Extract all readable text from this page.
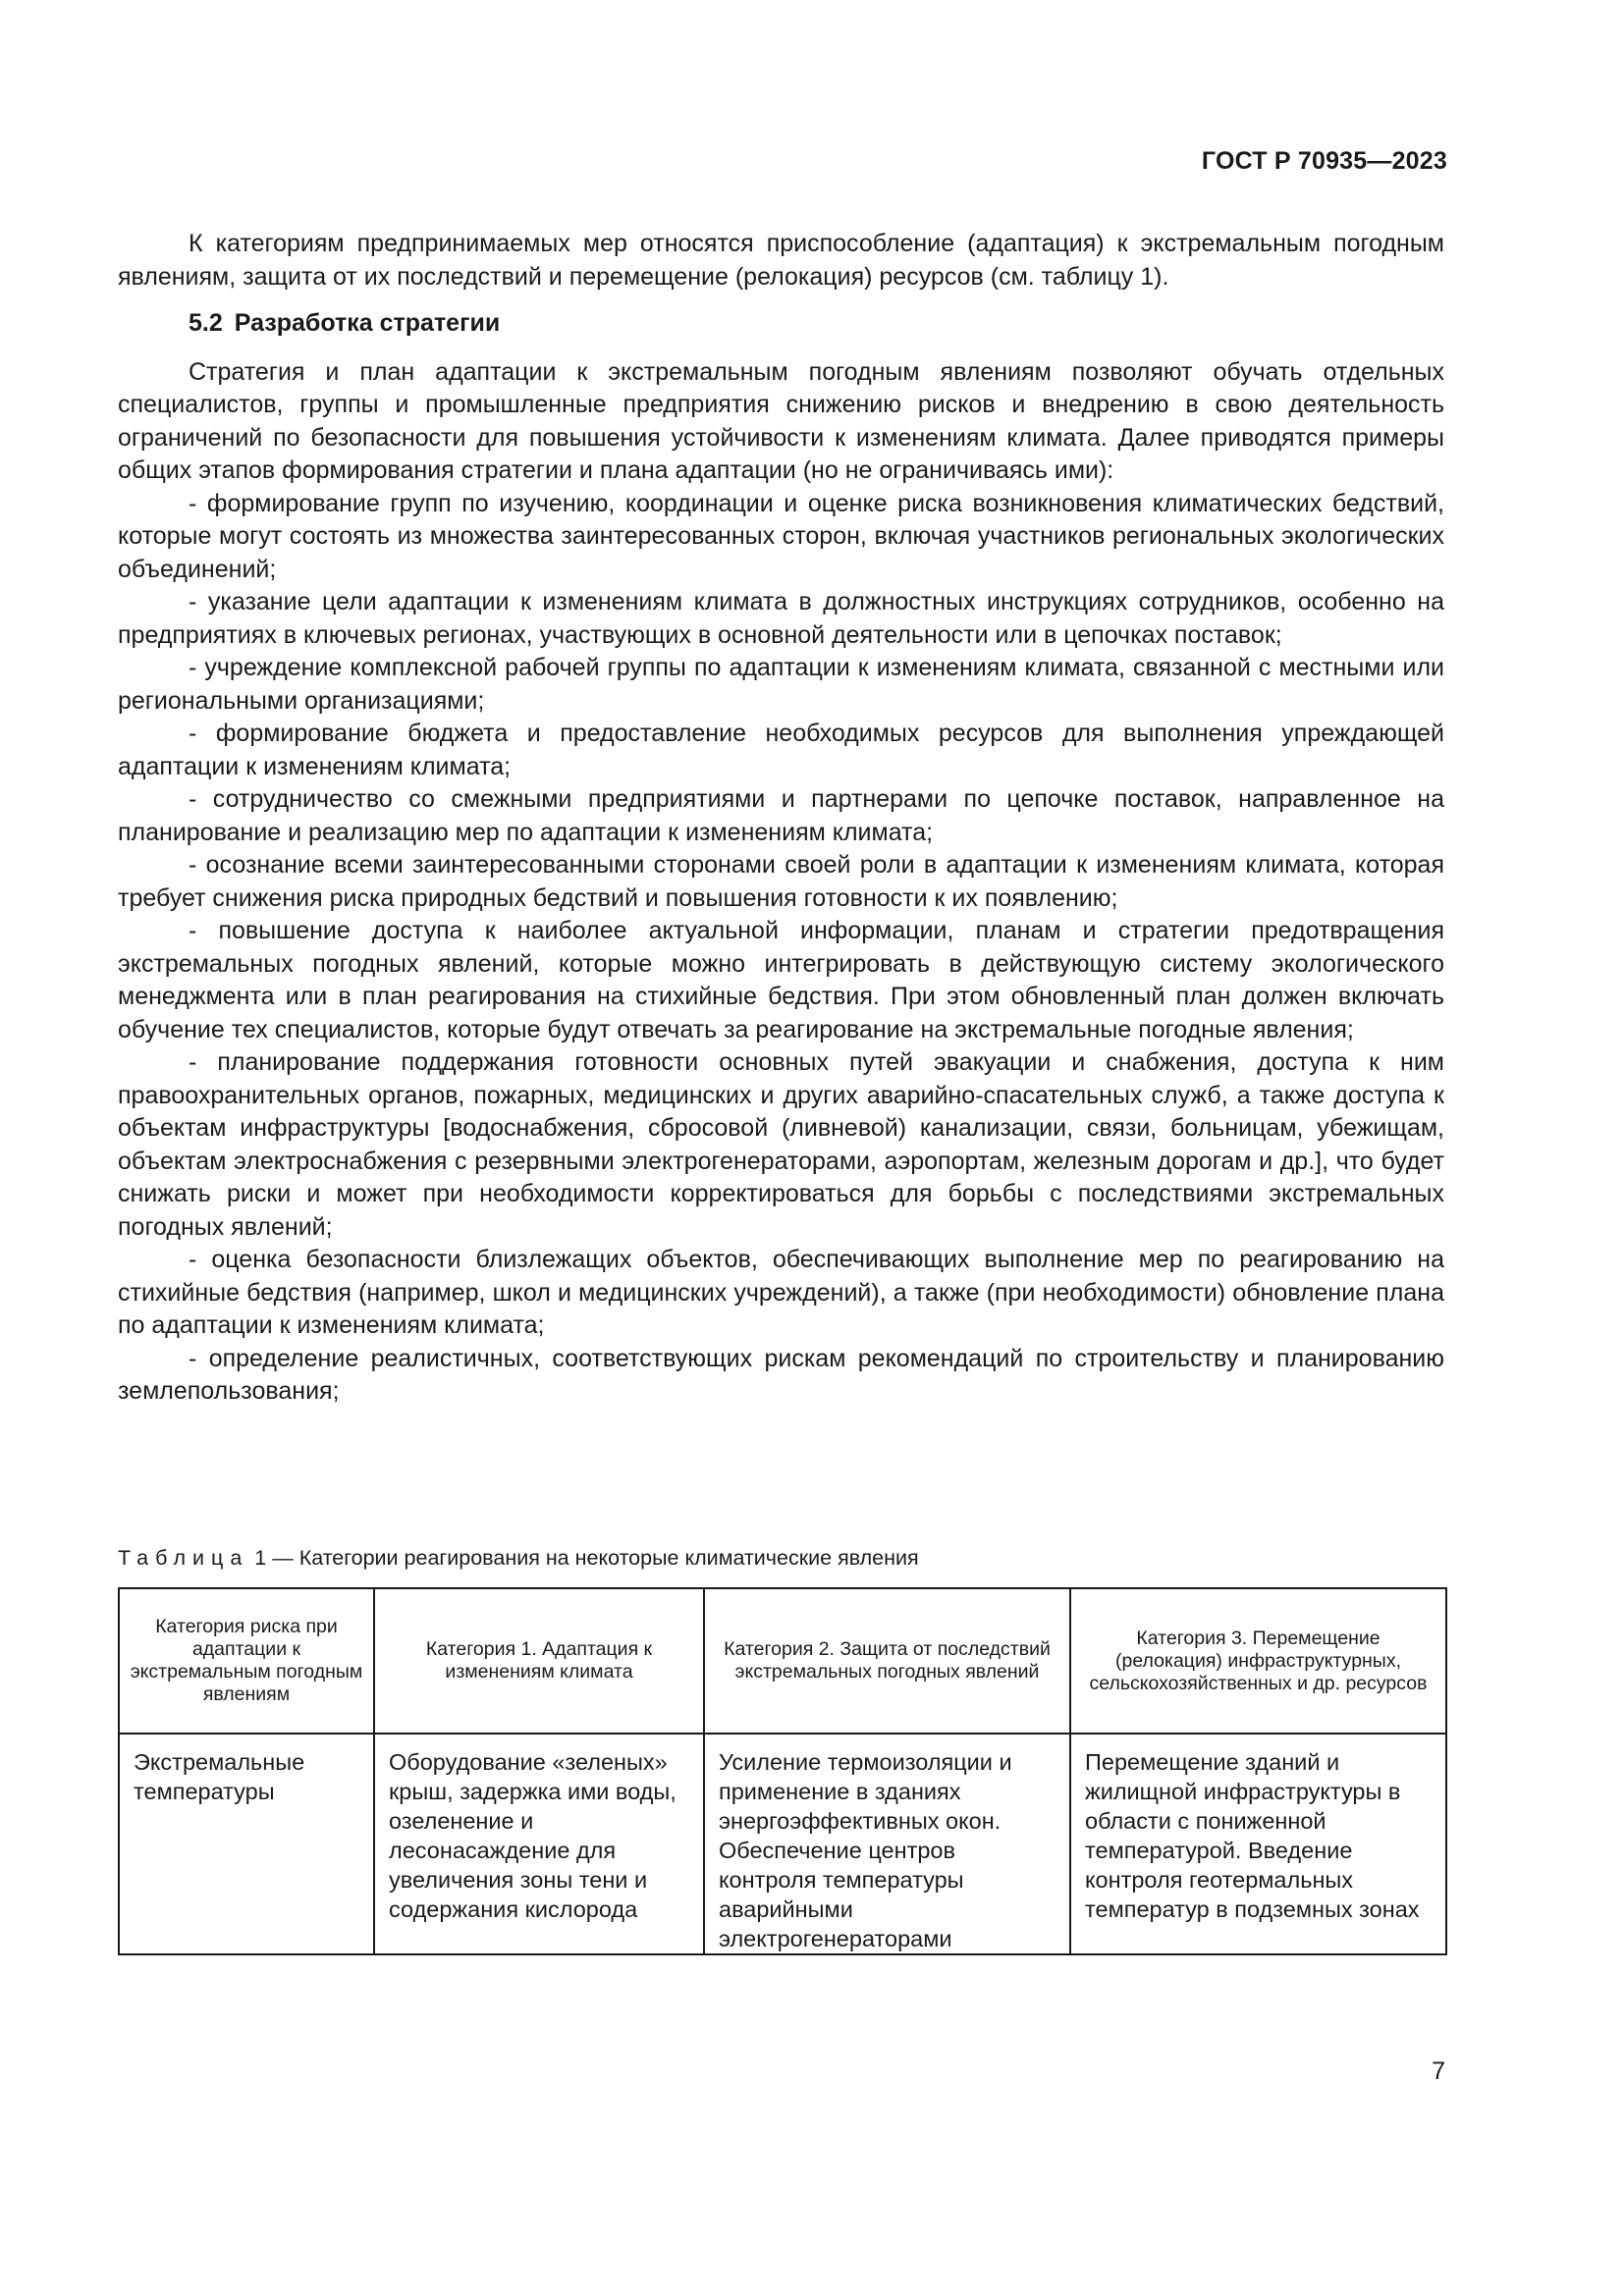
ГОСТ Р 70935—2023

К категориям предпринимаемых мер относятся приспособление (адаптация) к экстремальным погодным явлениям, защита от их последствий и перемещение (релокация) ресурсов (см. таблицу 1).

5.2 Разработка стратегии

Стратегия и план адаптации к экстремальным погодным явлениям позволяют обучать отдельных специалистов, группы и промышленные предприятия снижению рисков и внедрению в свою деятельность ограничений по безопасности для повышения устойчивости к изменениям климата. Далее приводятся примеры общих этапов формирования стратегии и плана адаптации (но не ограничиваясь ими):

- формирование групп по изучению, координации и оценке риска возникновения климатических бедствий, которые могут состоять из множества заинтересованных сторон, включая участников региональных экологических объединений;

- указание цели адаптации к изменениям климата в должностных инструкциях сотрудников, особенно на предприятиях в ключевых регионах, участвующих в основной деятельности или в цепочках поставок;

- учреждение комплексной рабочей группы по адаптации к изменениям климата, связанной с местными или региональными организациями;

- формирование бюджета и предоставление необходимых ресурсов для выполнения упреждающей адаптации к изменениям климата;

- сотрудничество со смежными предприятиями и партнерами по цепочке поставок, направленное на планирование и реализацию мер по адаптации к изменениям климата;

- осознание всеми заинтересованными сторонами своей роли в адаптации к изменениям климата, которая требует снижения риска природных бедствий и повышения готовности к их появлению;

- повышение доступа к наиболее актуальной информации, планам и стратегии предотвращения экстремальных погодных явлений, которые можно интегрировать в действующую систему экологического менеджмента или в план реагирования на стихийные бедствия. При этом обновленный план должен включать обучение тех специалистов, которые будут отвечать за реагирование на экстремальные погодные явления;

- планирование поддержания готовности основных путей эвакуации и снабжения, доступа к ним правоохранительных органов, пожарных, медицинских и других аварийно-спасательных служб, а также доступа к объектам инфраструктуры [водоснабжения, сбросовой (ливневой) канализации, связи, больницам, убежищам, объектам электроснабжения с резервными электрогенераторами, аэропортам, железным дорогам и др.], что будет снижать риски и может при необходимости корректироваться для борьбы с последствиями экстремальных погодных явлений;

- оценка безопасности близлежащих объектов, обеспечивающих выполнение мер по реагированию на стихийные бедствия (например, школ и медицинских учреждений), а также (при необходимости) обновление плана по адаптации к изменениям климата;

- определение реалистичных, соответствующих рискам рекомендаций по строительству и планированию землепользования;

Таблица 1 — Категории реагирования на некоторые климатические явления
Категория риска при адаптации к экстремальным погодным явлениям	Категория 1. Адаптация к изменениям климата	Категория 2. Защита от последствий экстремальных погодных явлений	Категория 3. Перемещение (релокация) инфраструктурных, сельскохозяйственных и др. ресурсов
Экстремальные температуры	Оборудование «зеленых» крыш, задержка ими воды, озеленение и лесонасаждение для увеличения зоны тени и содержания кислорода	Усиление термоизоляции и применение в зданиях энергоэффективных окон. Обеспечение центров контроля температуры аварийными электрогенераторами	Перемещение зданий и жилищной инфраструктуры в области с пониженной температурой. Введение контроля геотермальных температур в подземных зонах
7
